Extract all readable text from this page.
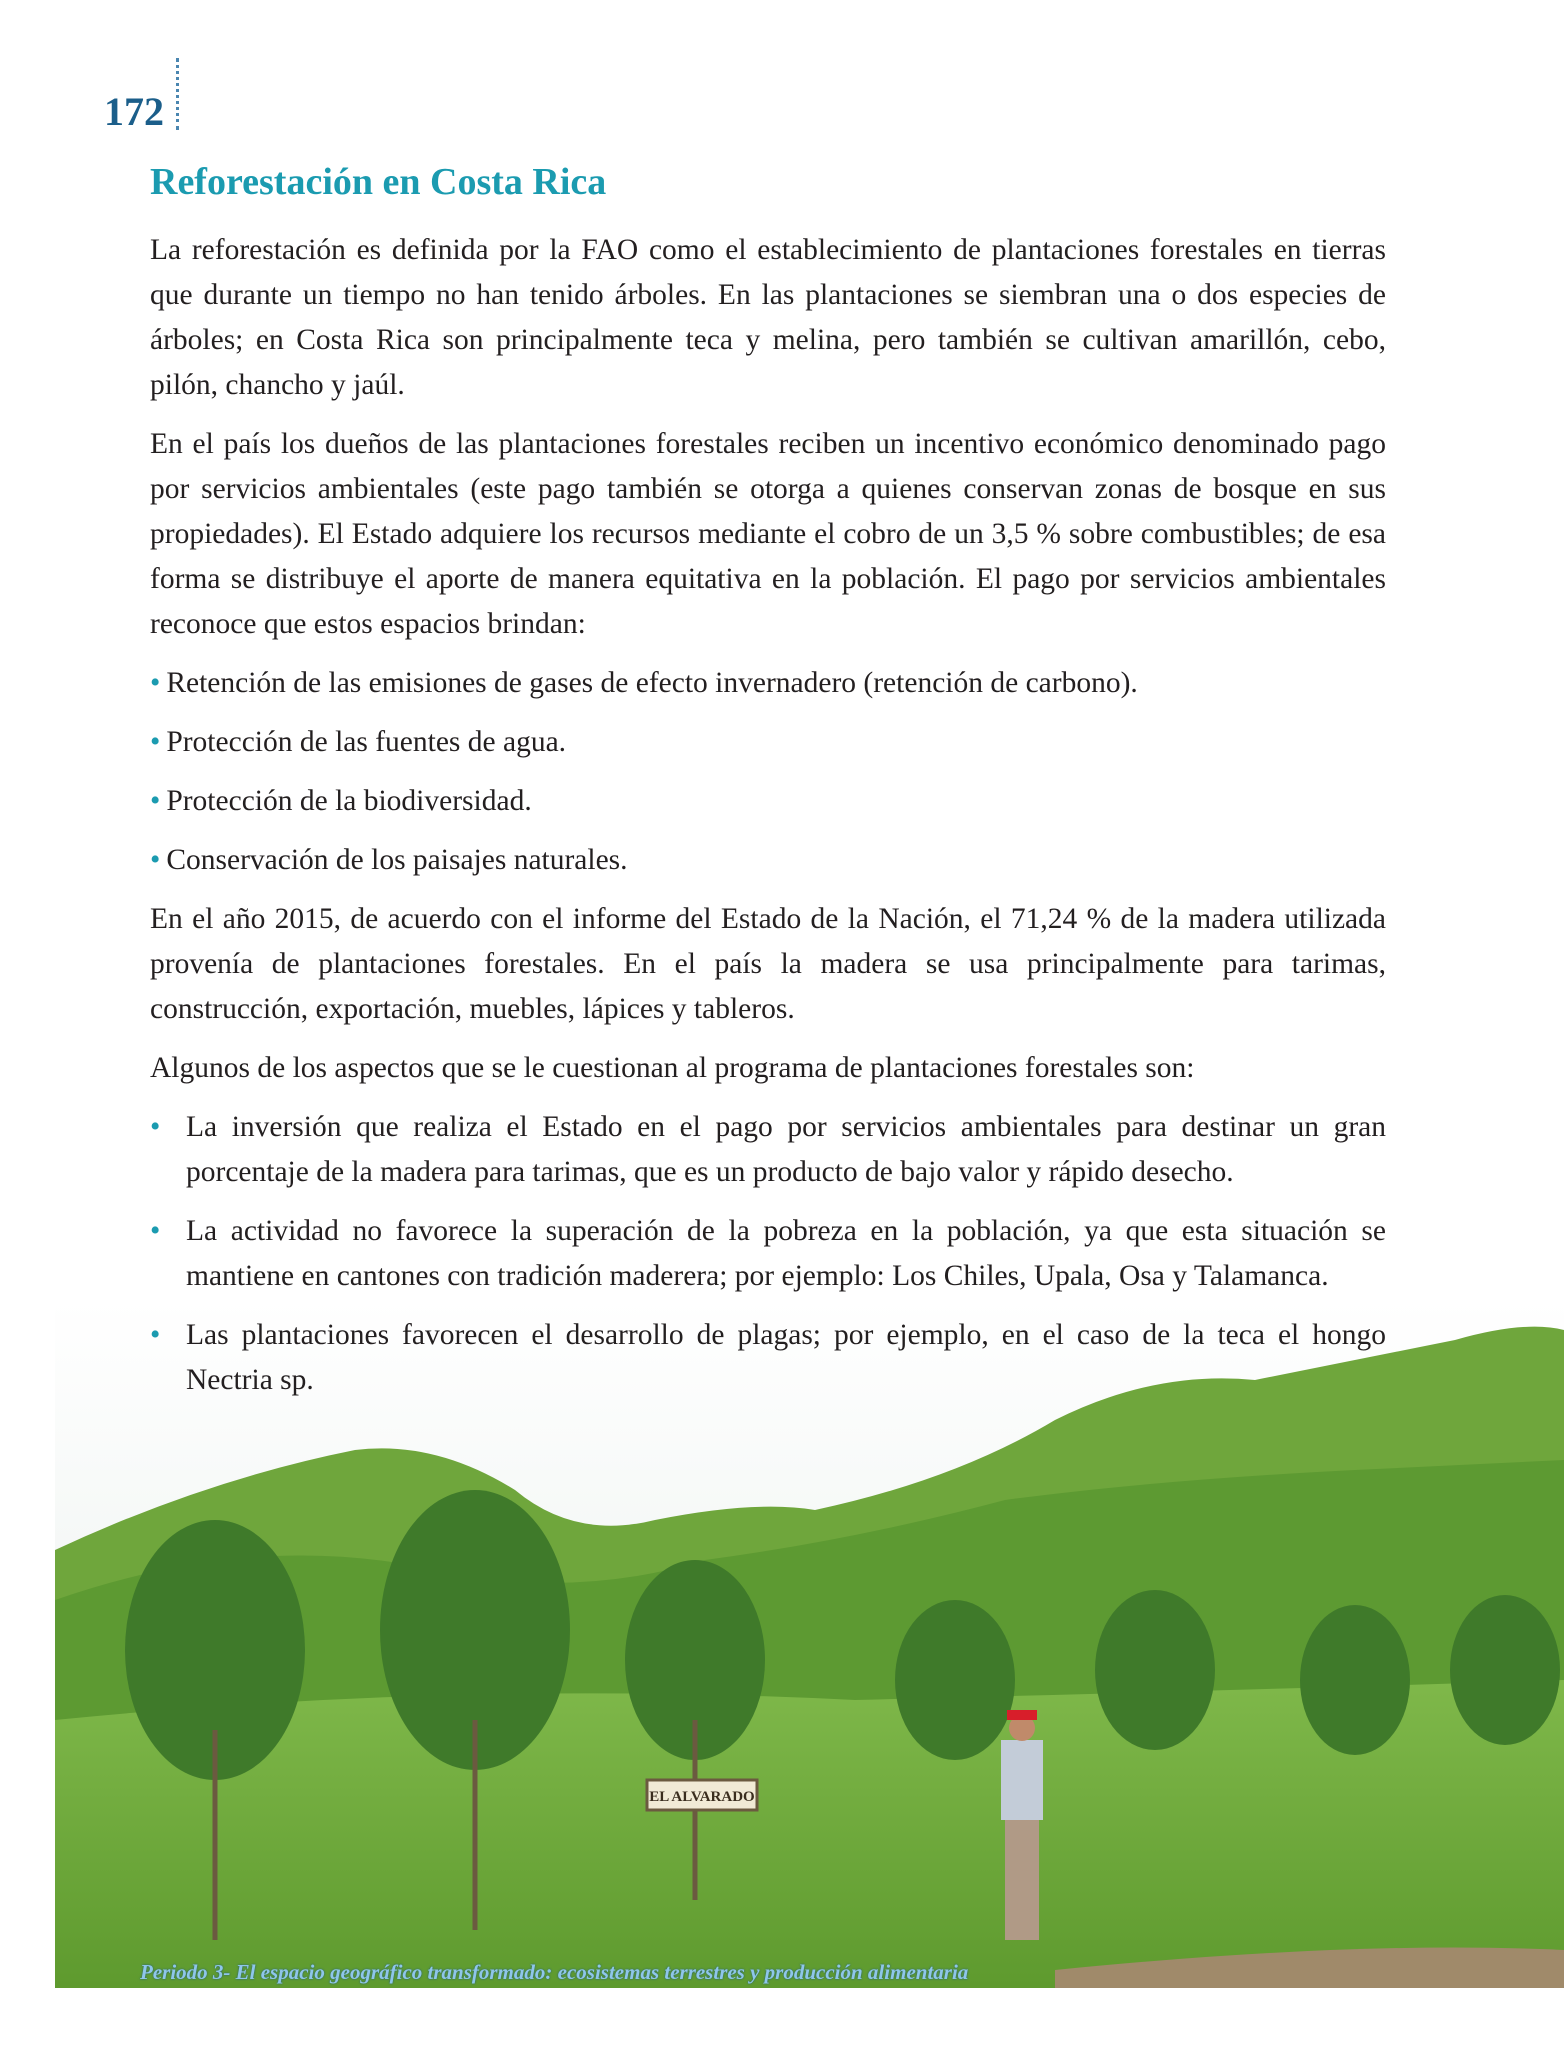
172
EL ALVARADO
Reforestación en Costa Rica

La reforestación es definida por la FAO como el establecimiento de plantaciones forestales en tierras que durante un tiempo no han tenido árboles. En las plantaciones se siembran una o dos especies de árboles; en Costa Rica son principalmente teca y melina, pero también se cultivan amarillón, cebo, pilón, chancho y jaúl.

En el país los dueños de las plantaciones forestales reciben un incentivo económico denominado pago por servicios ambientales (este pago también se otorga a quienes conservan zonas de bosque en sus propiedades). El Estado adquiere los recursos mediante el cobro de un 3,5 % sobre combustibles; de esa forma se distribuye el aporte de manera equitativa en la población. El pago por servicios ambientales reconoce que estos espacios brindan:

• Retención de las emisiones de gases de efecto invernadero (retención de carbono).
• Protección de las fuentes de agua.
• Protección de la biodiversidad.
• Conservación de los paisajes naturales.

En el año 2015, de acuerdo con el informe del Estado de la Nación, el 71,24 % de la madera utilizada provenía de plantaciones forestales. En el país la madera se usa principalmente para tarimas, construcción, exportación, muebles, lápices y tableros.

Algunos de los aspectos que se le cuestionan al programa de plantaciones forestales son:

• La inversión que realiza el Estado en el pago por servicios ambientales para destinar un gran porcentaje de la madera para tarimas, que es un producto de bajo valor y rápido desecho.
• La actividad no favorece la superación de la pobreza en la población, ya que esta situación se mantiene en cantones con tradición maderera; por ejemplo: Los Chiles, Upala, Osa y Talamanca.
• Las plantaciones favorecen el desarrollo de plagas; por ejemplo, en el caso de la teca el hongo Nectria sp.
Periodo 3- El espacio geográfico transformado: ecosistemas terrestres y producción alimentaria
